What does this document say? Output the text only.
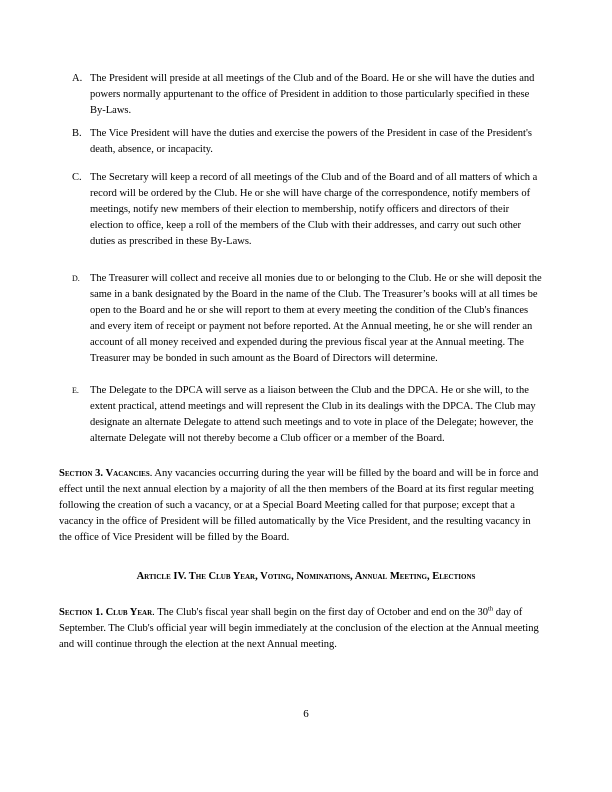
A. The President will preside at all meetings of the Club and of the Board. He or she will have the duties and powers normally appurtenant to the office of President in addition to those particularly specified in these By-Laws.
B. The Vice President will have the duties and exercise the powers of the President in case of the President's death, absence, or incapacity.
C. The Secretary will keep a record of all meetings of the Club and of the Board and of all matters of which a record will be ordered by the Club. He or she will have charge of the correspondence, notify members of meetings, notify new members of their election to membership, notify officers and directors of their election to office, keep a roll of the members of the Club with their addresses, and carry out such other duties as prescribed in these By-Laws.
D. The Treasurer will collect and receive all monies due to or belonging to the Club. He or she will deposit the same in a bank designated by the Board in the name of the Club. The Treasurer’s books will at all times be open to the Board and he or she will report to them at every meeting the condition of the Club's finances and every item of receipt or payment not before reported. At the Annual meeting, he or she will render an account of all money received and expended during the previous fiscal year at the Annual meeting. The Treasurer may be bonded in such amount as the Board of Directors will determine.
E. The Delegate to the DPCA will serve as a liaison between the Club and the DPCA. He or she will, to the extent practical, attend meetings and will represent the Club in its dealings with the DPCA. The Club may designate an alternate Delegate to attend such meetings and to vote in place of the Delegate; however, the alternate Delegate will not thereby become a Club officer or a member of the Board.
Section 3. Vacancies. Any vacancies occurring during the year will be filled by the board and will be in force and effect until the next annual election by a majority of all the then members of the Board at its first regular meeting following the creation of such a vacancy, or at a Special Board Meeting called for that purpose; except that a vacancy in the office of President will be filled automatically by the Vice President, and the resulting vacancy in the office of Vice President will be filled by the Board.
Article IV. The Club Year, Voting, Nominations, Annual Meeting, Elections
Section 1. Club Year. The Club's fiscal year shall begin on the first day of October and end on the 30th day of September. The Club's official year will begin immediately at the conclusion of the election at the Annual meeting and will continue through the election at the next Annual meeting.
6
